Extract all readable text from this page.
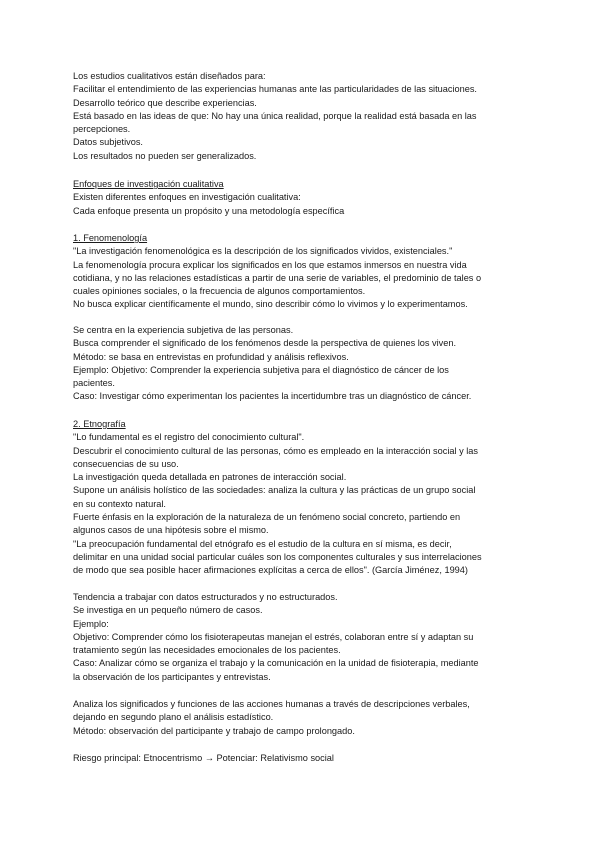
Los estudios cualitativos están diseñados para:
Facilitar el entendimiento de las experiencias humanas ante las particularidades de las situaciones.
Desarrollo teórico que describe experiencias.
Está basado en las ideas de que: No hay una única realidad, porque la realidad está basada en las
percepciones.
Datos subjetivos.
Los resultados no pueden ser generalizados.
Enfoques de investigación cualitativa
Existen diferentes enfoques en investigación cualitativa:
Cada enfoque presenta un propósito y una metodología específica
1. Fenomenología
"La investigación fenomenológica es la descripción de los significados vividos, existenciales."
La fenomenología procura explicar los significados en los que estamos inmersos en nuestra vida
cotidiana, y no las relaciones estadísticas a partir de una serie de variables, el predominio de tales o
cuales opiniones sociales, o la frecuencia de algunos comportamientos.
No busca explicar científicamente el mundo, sino describir cómo lo vivimos y lo experimentamos.
Se centra en la experiencia subjetiva de las personas.
Busca comprender el significado de los fenómenos desde la perspectiva de quienes los viven.
Método: se basa en entrevistas en profundidad y análisis reflexivos.
Ejemplo: Objetivo: Comprender la experiencia subjetiva para el diagnóstico de cáncer de los
pacientes.
Caso: Investigar cómo experimentan los pacientes la incertidumbre tras un diagnóstico de cáncer.
2. Etnografía
"Lo fundamental es el registro del conocimiento cultural".
Descubrir el conocimiento cultural de las personas, cómo es empleado en la interacción social y las
consecuencias de su uso.
La investigación queda detallada en patrones de interacción social.
Supone un análisis holístico de las sociedades: analiza la cultura y las prácticas de un grupo social
en su contexto natural.
Fuerte énfasis en la exploración de la naturaleza de un fenómeno social concreto, partiendo en
algunos casos de una hipótesis sobre el mismo.
"La preocupación fundamental del etnógrafo es el estudio de la cultura en sí misma, es decir,
delimitar en una unidad social particular cuáles son los componentes culturales y sus interrelaciones
de modo que sea posible hacer afirmaciones explícitas a cerca de ellos". (García Jiménez, 1994)
Tendencia a trabajar con datos estructurados y no estructurados.
Se investiga en un pequeño número de casos.
Ejemplo:
Objetivo: Comprender cómo los fisioterapeutas manejan el estrés, colaboran entre sí y adaptan su
tratamiento según las necesidades emocionales de los pacientes.
Caso: Analizar cómo se organiza el trabajo y la comunicación en la unidad de fisioterapia, mediante
la observación de los participantes y entrevistas.
Analiza los significados y funciones de las acciones humanas a través de descripciones verbales,
dejando en segundo plano el análisis estadístico.
Método: observación del participante y trabajo de campo prolongado.
Riesgo principal: Etnocentrismo → Potenciar: Relativismo social
